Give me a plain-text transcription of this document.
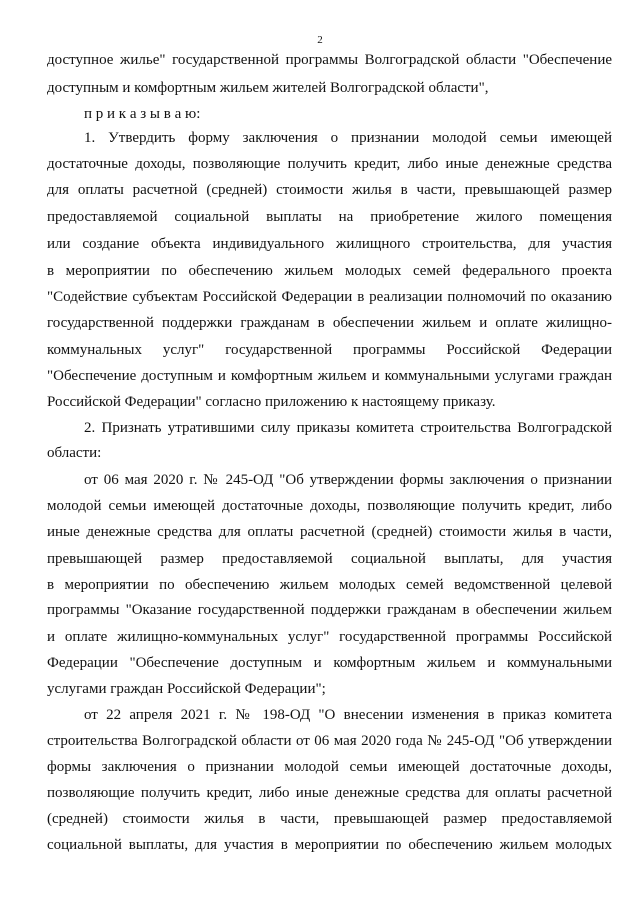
2
доступное жилье" государственной программы Волгоградской области "Обеспечение
доступным и комфортным жильем жителей Волгоградской области",
п р и к а з ы в а ю:
1. Утвердить форму заключения о признании молодой семьи имеющей
достаточные доходы, позволяющие получить кредит, либо иные денежные средства
для оплаты расчетной (средней) стоимости жилья в части, превышающей размер
предоставляемой социальной выплаты на приобретение жилого помещения
или создание объекта индивидуального жилищного строительства, для участия
в мероприятии по обеспечению жильем молодых семей федерального проекта
"Содействие субъектам Российской Федерации в реализации полномочий по оказанию
государственной поддержки гражданам в обеспечении жильем и оплате жилищно-
коммунальных услуг" государственной программы Российской Федерации
"Обеспечение доступным и комфортным жильем и коммунальными услугами граждан
Российской Федерации" согласно приложению к настоящему приказу.
2. Признать утратившими силу приказы комитета строительства Волгоградской
области:
от 06 мая 2020 г. № 245-ОД "Об утверждении формы заключения о признании
молодой семьи имеющей достаточные доходы, позволяющие получить кредит, либо
иные денежные средства для оплаты расчетной (средней) стоимости жилья в части,
превышающей размер предоставляемой социальной выплаты, для участия
в мероприятии по обеспечению жильем молодых семей ведомственной целевой
программы "Оказание государственной поддержки гражданам в обеспечении жильем
и оплате жилищно-коммунальных услуг" государственной программы Российской
Федерации "Обеспечение доступным и комфортным жильем и коммунальными
услугами граждан Российской Федерации";
от 22 апреля 2021 г. № 198-ОД "О внесении изменения в приказ комитета
строительства Волгоградской области от 06 мая 2020 года № 245-ОД "Об утверждении
формы заключения о признании молодой семьи имеющей достаточные доходы,
позволяющие получить кредит, либо иные денежные средства для оплаты расчетной
(средней) стоимости жилья в части, превышающей размер предоставляемой
социальной выплаты, для участия в мероприятии по обеспечению жильем молодых
